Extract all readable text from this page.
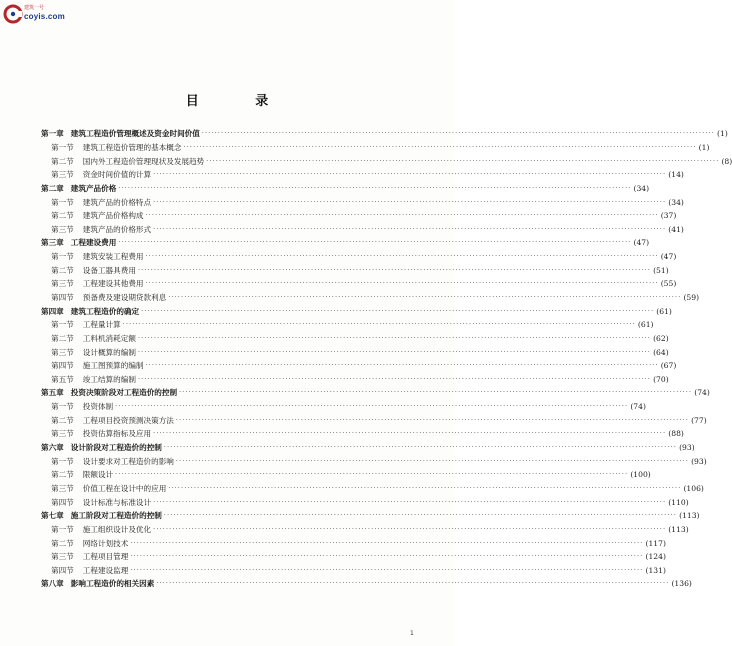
建筑一号
coyis.com
目 录
第一章 建筑工程造价管理概述及资金时间价值 ································································································································································ (1)
第一节 建筑工程造价管理的基本概念 ································································································································································ (1)
第二节 国内外工程造价管理现状及发展趋势 ································································································································································ (8)
第三节 资金时间价值的计算 ································································································································································ (14)
第二章 建筑产品价格 ································································································································································ (34)
第一节 建筑产品的价格特点 ································································································································································ (34)
第二节 建筑产品价格构成 ································································································································································ (37)
第三节 建筑产品的价格形式 ································································································································································ (41)
第三章 工程建设费用 ································································································································································ (47)
第一节 建筑安装工程费用 ································································································································································ (47)
第二节 设备工器具费用 ································································································································································ (51)
第三节 工程建设其他费用 ································································································································································ (55)
第四节 预备费及建设期贷款利息 ································································································································································ (59)
第四章 建筑工程造价的确定 ································································································································································ (61)
第一节 工程量计算 ································································································································································ (61)
第二节 工料机消耗定额 ································································································································································ (62)
第三节 设计概算的编制 ································································································································································ (64)
第四节 施工图预算的编制 ································································································································································ (67)
第五节 竣工结算的编制 ································································································································································ (70)
第五章 投资决策阶段对工程造价的控制 ································································································································································ (74)
第一节 投资体制 ································································································································································ (74)
第二节 工程项目投资预测决策方法 ································································································································································ (77)
第三节 投资估算指标及应用 ································································································································································ (88)
第六章 设计阶段对工程造价的控制 ································································································································································ (93)
第一节 设计要求对工程造价的影响 ································································································································································ (93)
第二节 限额设计 ································································································································································ (100)
第三节 价值工程在设计中的应用 ································································································································································ (106)
第四节 设计标准与标准设计 ································································································································································ (110)
第七章 施工阶段对工程造价的控制 ································································································································································ (113)
第一节 施工组织设计及优化 ································································································································································ (113)
第二节 网络计划技术 ································································································································································ (117)
第三节 工程项目管理 ································································································································································ (124)
第四节 工程建设监理 ································································································································································ (131)
第八章 影响工程造价的相关因素 ································································································································································ (136)
1
